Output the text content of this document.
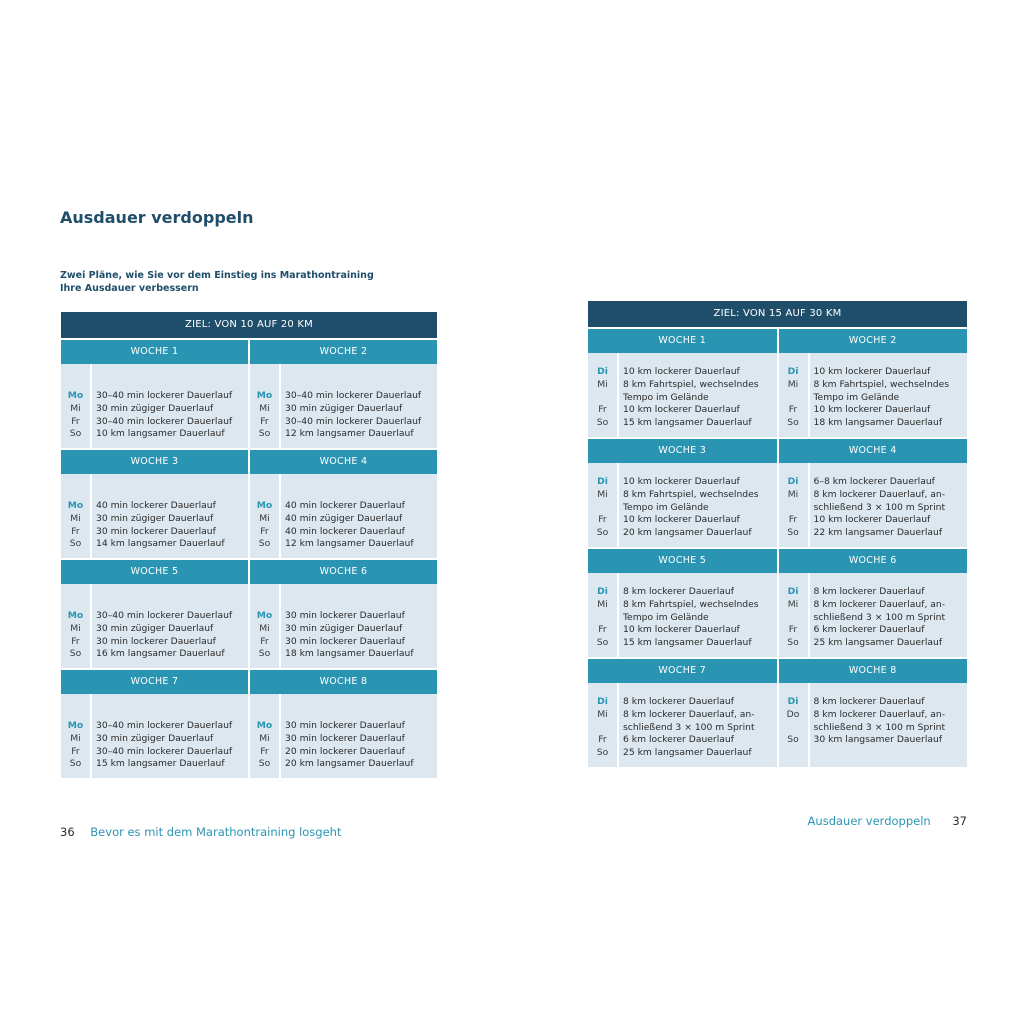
Ausdauer verdoppeln
Zwei Pläne, wie Sie vor dem Einstieg ins Marathontraining
Ihre Ausdauer verbessern
ZIEL: VON 10 AUF 20 KM
WOCHE 1
Mo	30–40 min lockerer Dauerlauf
Mi	30 min zügiger Dauerlauf
Fr	30–40 min lockerer Dauerlauf
So	10 km langsamer Dauerlauf
WOCHE 2
Mo	30–40 min lockerer Dauerlauf
Mi	30 min zügiger Dauerlauf
Fr	30–40 min lockerer Dauerlauf
So	12 km langsamer Dauerlauf
WOCHE 3
Mo	40 min lockerer Dauerlauf
Mi	30 min zügiger Dauerlauf
Fr	30 min lockerer Dauerlauf
So	14 km langsamer Dauerlauf
WOCHE 4
Mo	40 min lockerer Dauerlauf
Mi	40 min zügiger Dauerlauf
Fr	40 min lockerer Dauerlauf
So	12 km langsamer Dauerlauf
WOCHE 5
Mo	30–40 min lockerer Dauerlauf
Mi	30 min zügiger Dauerlauf
Fr	30 min lockerer Dauerlauf
So	16 km langsamer Dauerlauf
WOCHE 6
Mo	30 min lockerer Dauerlauf
Mi	30 min zügiger Dauerlauf
Fr	30 min lockerer Dauerlauf
So	18 km langsamer Dauerlauf
WOCHE 7
Mo	30–40 min lockerer Dauerlauf
Mi	30 min zügiger Dauerlauf
Fr	30–40 min lockerer Dauerlauf
So	15 km langsamer Dauerlauf
WOCHE 8
Mo	30 min lockerer Dauerlauf
Mi	30 min lockerer Dauerlauf
Fr	20 min lockerer Dauerlauf
So	20 km langsamer Dauerlauf
ZIEL: VON 15 AUF 30 KM
WOCHE 1
Di	10 km lockerer Dauerlauf
Mi	8 km Fahrtspiel, wechselndes
Tempo im Gelände
Fr	10 km lockerer Dauerlauf
So	15 km langsamer Dauerlauf
WOCHE 2
Di	10 km lockerer Dauerlauf
Mi	8 km Fahrtspiel, wechselndes
Tempo im Gelände
Fr	10 km lockerer Dauerlauf
So	18 km langsamer Dauerlauf
WOCHE 3
Di	10 km lockerer Dauerlauf
Mi	8 km Fahrtspiel, wechselndes
Tempo im Gelände
Fr	10 km lockerer Dauerlauf
So	20 km langsamer Dauerlauf
WOCHE 4
Di	6–8 km lockerer Dauerlauf
Mi	8 km lockerer Dauerlauf, an-
schließend 3 × 100 m Sprint
Fr	10 km lockerer Dauerlauf
So	22 km langsamer Dauerlauf
WOCHE 5
Di	8 km lockerer Dauerlauf
Mi	8 km Fahrtspiel, wechselndes
Tempo im Gelände
Fr	10 km lockerer Dauerlauf
So	15 km langsamer Dauerlauf
WOCHE 6
Di	8 km lockerer Dauerlauf
Mi	8 km lockerer Dauerlauf, an-
schließend 3 × 100 m Sprint
Fr	6 km lockerer Dauerlauf
So	25 km langsamer Dauerlauf
WOCHE 7
Di	8 km lockerer Dauerlauf
Mi	8 km lockerer Dauerlauf, an-
schließend 3 × 100 m Sprint
Fr	6 km lockerer Dauerlauf
So	25 km langsamer Dauerlauf
WOCHE 8
Di	8 km lockerer Dauerlauf
Do	8 km lockerer Dauerlauf, an-
schließend 3 × 100 m Sprint
So	30 km langsamer Dauerlauf
36 Bevor es mit dem Marathontraining losgeht
Ausdauer verdoppeln 37
